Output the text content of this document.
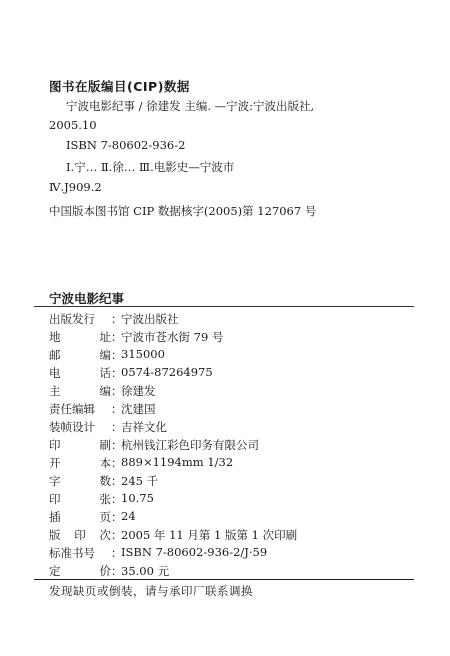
图书在版编目(CIP)数据
宁波电影纪事 / 徐建发 主编. —宁波:宁波出版社,
2005.10
ISBN 7-80602-936-2
Ⅰ.宁… Ⅱ.徐… Ⅲ.电影史—宁波市
Ⅳ.J909.2
中国版本图书馆 CIP 数据核字(2005)第 127067 号
宁波电影纪事
出 版 发 行 ：
宁波出版社
地	址 ：
宁波市苍水街 79 号
邮	编 ：
315000
电	话 ：
0574-87264975
主	编 ：
徐建发
责 任 编 辑 ：
沈建国
装 帧 设 计 ：
吉祥文化
印	刷 ：
杭州钱江彩色印务有限公司
开	本 ：
889×1194mm 1/32
字	数 ：
245 千
印	张 ：
10.75
插	页 ：
24
版 印 次 ：
2005 年 11 月第 1 版第 1 次印刷
标 准 书 号 ：
ISBN 7-80602-936-2/J·59
定	价 ：
35.00 元
发现缺页或倒装，请与承印厂联系调换
